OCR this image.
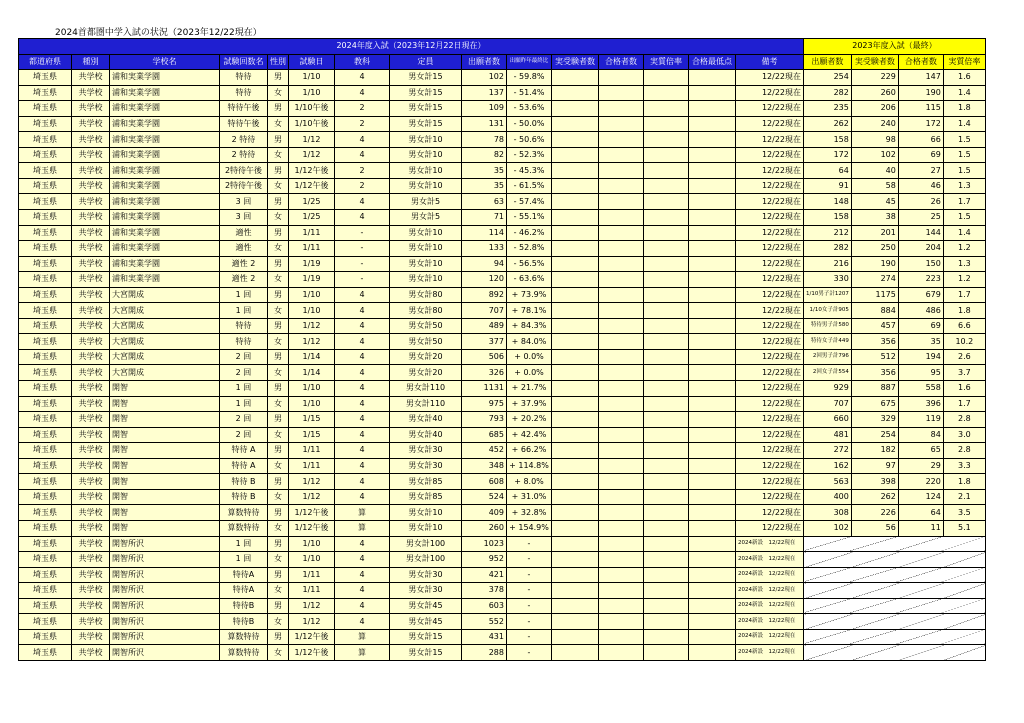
2024首都圏中学入試の状況（2023年12/22現在）
2024年度入試（2023年12月22日現在）															2023年度入試（最終）			
都道府県	種別	学校名	試験回数名	性別	試験日	教科	定員	出願者数	出願昨年最終比	実受験者数	合格者数	実質倍率	合格最低点	備考	出願者数	実受験者数	合格者数	実質倍率
埼玉県	共学校	浦和実業学園	特待	男	1/10	4	男女計15	102	- 59.8%					12/22現在	254	229	147	1.6
埼玉県	共学校	浦和実業学園	特待	女	1/10	4	男女計15	137	- 51.4%					12/22現在	282	260	190	1.4
埼玉県	共学校	浦和実業学園	特待午後	男	1/10午後	2	男女計15	109	- 53.6%					12/22現在	235	206	115	1.8
埼玉県	共学校	浦和実業学園	特待午後	女	1/10午後	2	男女計15	131	- 50.0%					12/22現在	262	240	172	1.4
埼玉県	共学校	浦和実業学園	2 特待	男	1/12	4	男女計10	78	- 50.6%					12/22現在	158	98	66	1.5
埼玉県	共学校	浦和実業学園	2 特待	女	1/12	4	男女計10	82	- 52.3%					12/22現在	172	102	69	1.5
埼玉県	共学校	浦和実業学園	2特待午後	男	1/12午後	2	男女計10	35	- 45.3%					12/22現在	64	40	27	1.5
埼玉県	共学校	浦和実業学園	2特待午後	女	1/12午後	2	男女計10	35	- 61.5%					12/22現在	91	58	46	1.3
埼玉県	共学校	浦和実業学園	3 回	男	1/25	4	男女計5	63	- 57.4%					12/22現在	148	45	26	1.7
埼玉県	共学校	浦和実業学園	3 回	女	1/25	4	男女計5	71	- 55.1%					12/22現在	158	38	25	1.5
埼玉県	共学校	浦和実業学園	適性	男	1/11	-	男女計10	114	- 46.2%					12/22現在	212	201	144	1.4
埼玉県	共学校	浦和実業学園	適性	女	1/11	-	男女計10	133	- 52.8%					12/22現在	282	250	204	1.2
埼玉県	共学校	浦和実業学園	適性 2	男	1/19	-	男女計10	94	- 56.5%					12/22現在	216	190	150	1.3
埼玉県	共学校	浦和実業学園	適性 2	女	1/19	-	男女計10	120	- 63.6%					12/22現在	330	274	223	1.2
埼玉県	共学校	大宮開成	1 回	男	1/10	4	男女計80	892	+ 73.9%					12/22現在	1/10男子計1207	1175	679	1.7
埼玉県	共学校	大宮開成	1 回	女	1/10	4	男女計80	707	+ 78.1%					12/22現在	1/10女子計905	884	486	1.8
埼玉県	共学校	大宮開成	特待	男	1/12	4	男女計50	489	+ 84.3%					12/22現在	特待男子計580	457	69	6.6
埼玉県	共学校	大宮開成	特待	女	1/12	4	男女計50	377	+ 84.0%					12/22現在	特待女子計449	356	35	10.2
埼玉県	共学校	大宮開成	2 回	男	1/14	4	男女計20	506	+ 0.0%					12/22現在	2回男子計796	512	194	2.6
埼玉県	共学校	大宮開成	2 回	女	1/14	4	男女計20	326	+ 0.0%					12/22現在	2回女子計554	356	95	3.7
埼玉県	共学校	開智	1 回	男	1/10	4	男女計110	1131	+ 21.7%					12/22現在	929	887	558	1.6
埼玉県	共学校	開智	1 回	女	1/10	4	男女計110	975	+ 37.9%					12/22現在	707	675	396	1.7
埼玉県	共学校	開智	2 回	男	1/15	4	男女計40	793	+ 20.2%					12/22現在	660	329	119	2.8
埼玉県	共学校	開智	2 回	女	1/15	4	男女計40	685	+ 42.4%					12/22現在	481	254	84	3.0
埼玉県	共学校	開智	特待 A	男	1/11	4	男女計30	452	+ 66.2%					12/22現在	272	182	65	2.8
埼玉県	共学校	開智	特待 A	女	1/11	4	男女計30	348	+ 114.8%					12/22現在	162	97	29	3.3
埼玉県	共学校	開智	特待 B	男	1/12	4	男女計85	608	+ 8.0%					12/22現在	563	398	220	1.8
埼玉県	共学校	開智	特待 B	女	1/12	4	男女計85	524	+ 31.0%					12/22現在	400	262	124	2.1
埼玉県	共学校	開智	算数特待	男	1/12午後	算	男女計10	409	+ 32.8%					12/22現在	308	226	64	3.5
埼玉県	共学校	開智	算数特待	女	1/12午後	算	男女計10	260	+ 154.9%					12/22現在	102	56	11	5.1
埼玉県	共学校	開智所沢	1 回	男	1/10	4	男女計100	1023	-					2024新設　12/22現在				
埼玉県	共学校	開智所沢	1 回	女	1/10	4	男女計100	952	-					2024新設　12/22現在				
埼玉県	共学校	開智所沢	特待A	男	1/11	4	男女計30	421	-					2024新設　12/22現在				
埼玉県	共学校	開智所沢	特待A	女	1/11	4	男女計30	378	-					2024新設　12/22現在				
埼玉県	共学校	開智所沢	特待B	男	1/12	4	男女計45	603	-					2024新設　12/22現在				
埼玉県	共学校	開智所沢	特待B	女	1/12	4	男女計45	552	-					2024新設　12/22現在				
埼玉県	共学校	開智所沢	算数特待	男	1/12午後	算	男女計15	431	-					2024新設　12/22現在				
埼玉県	共学校	開智所沢	算数特待	女	1/12午後	算	男女計15	288	-					2024新設　12/22現在				
